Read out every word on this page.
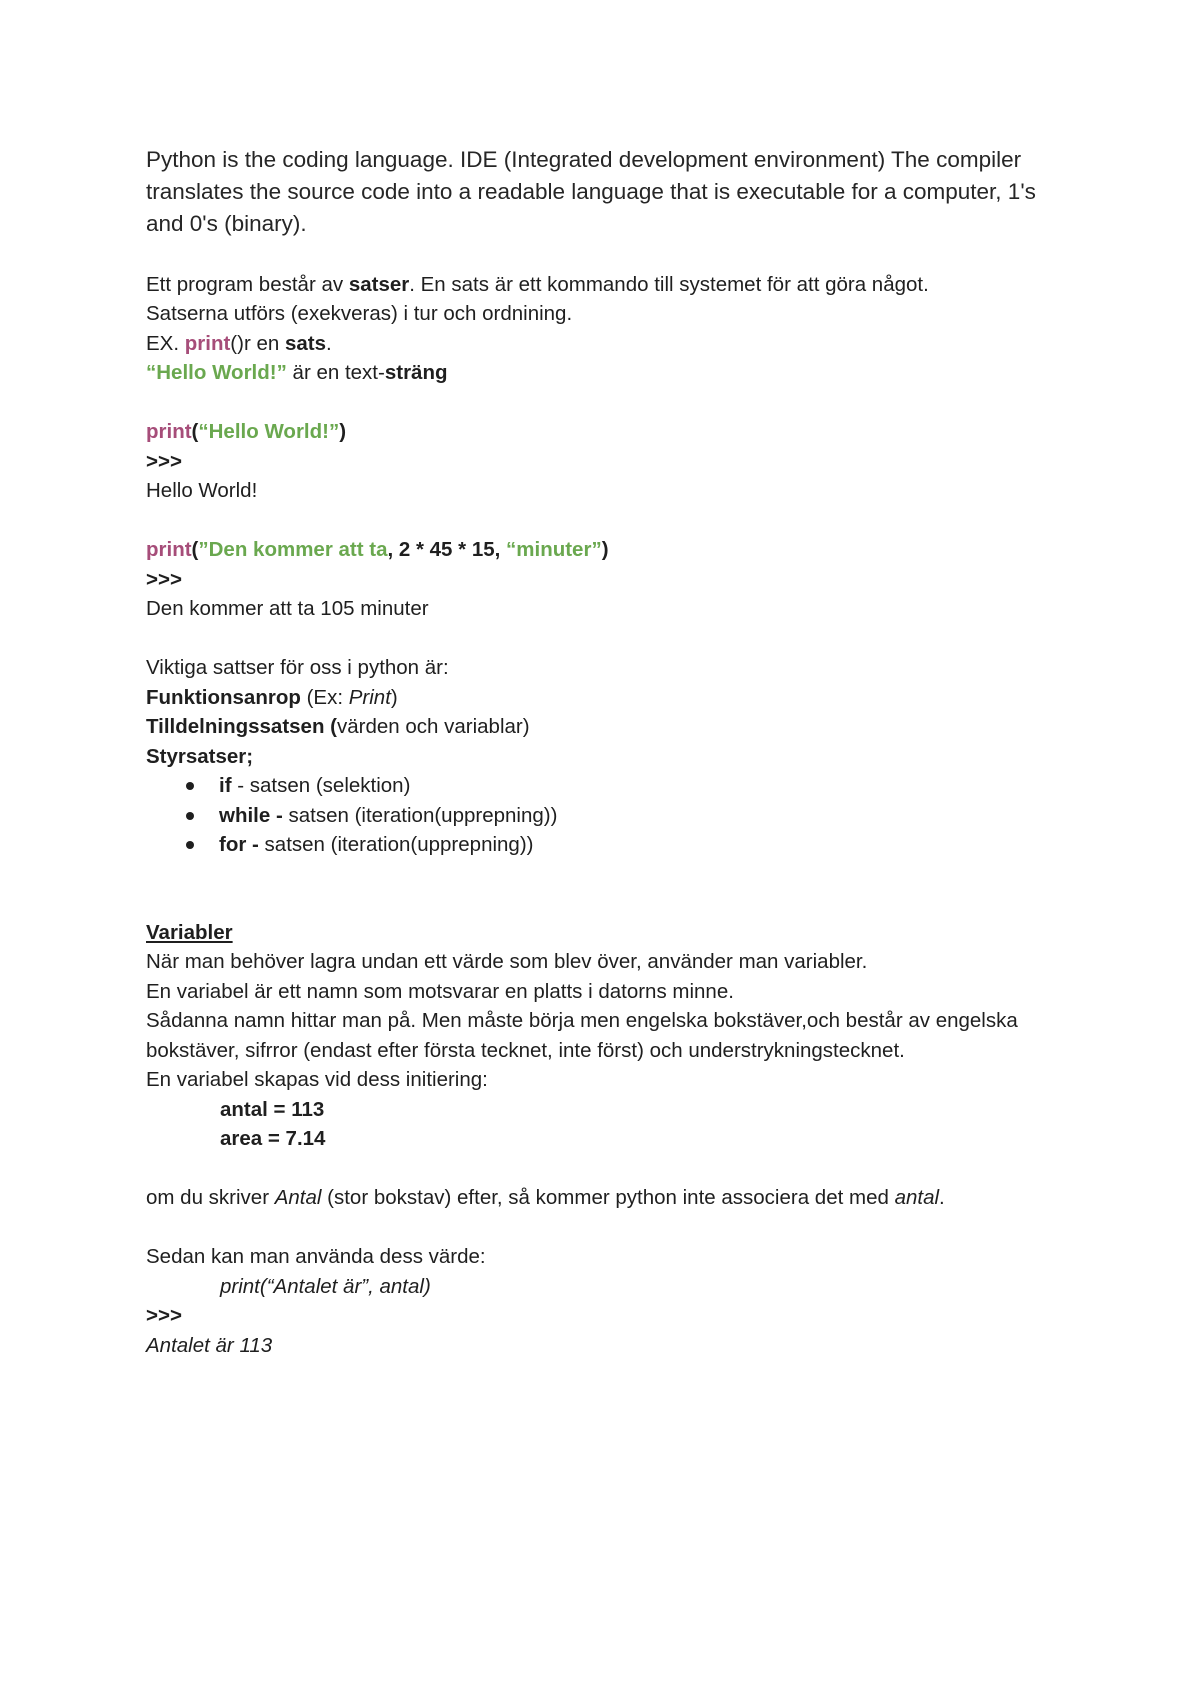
Python is the coding language. IDE (Integrated development environment) The compiler translates the source code into a readable language that is executable for a computer, 1's and 0's (binary).

Ett program består av satser. En sats är ett kommando till systemet för att göra något.

Satserna utförs (exekveras) i tur och ordnining.

EX. print()r en sats.

“Hello World!” är en text-sträng

print(“Hello World!”)

>>>

Hello World!

print(”Den kommer att ta, 2 * 45 * 15, “minuter”)

>>>

Den kommer att ta 105 minuter

Viktiga sattser för oss i python är:

Funktionsanrop (Ex: Print)

Tilldelningssatsen (värden och variablar)

Styrsatser;

if - satsen (selektion)
while - satsen (iteration(upprepning))
for - satsen (iteration(upprepning))

Variabler

När man behöver lagra undan ett värde som blev över, använder man variabler.

En variabel är ett namn som motsvarar en platts i datorns minne.

Sådanna namn hittar man på. Men måste börja men engelska bokstäver,och består av engelska bokstäver, sifrror (endast efter första tecknet, inte först) och understrykningstecknet.

En variabel skapas vid dess initiering:

antal = 113

area = 7.14

om du skriver Antal (stor bokstav) efter, så kommer python inte associera det med antal.

Sedan kan man använda dess värde:

print(“Antalet är”, antal)

>>>

Antalet är 113
